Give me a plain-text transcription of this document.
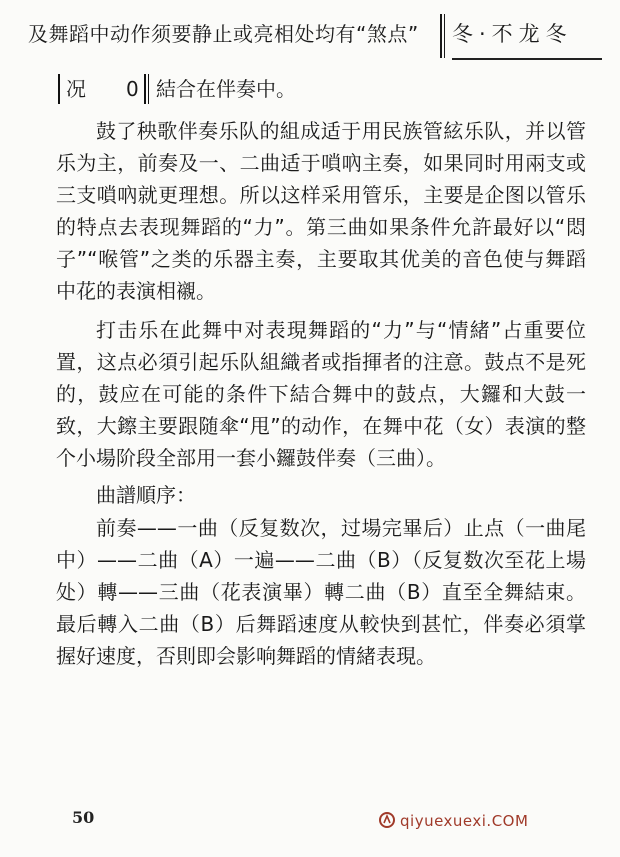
及舞蹈中动作须要静止或亮相处均有“煞点” 冬·不龙冬
况 0 結合在伴奏中。

鼓了秧歌伴奏乐队的組成适于用民族管絃乐队，并以管乐为主，前奏及一、二曲适于嗩吶主奏，如果同时用兩支或三支嗩吶就更理想。所以这样采用管乐，主要是企图以管乐的特点去表现舞蹈的“力”。第三曲如果条件允許最好以“悶子”“喉管”之类的乐器主奏，主要取其优美的音色使与舞蹈中花的表演相襯。

打击乐在此舞中对表現舞蹈的“力”与“情緒”占重要位置，这点必須引起乐队組織者或指揮者的注意。鼓点不是死的，鼓应在可能的条件下結合舞中的鼓点，大鑼和大鼓一致，大鑔主要跟随傘“甩”的动作，在舞中花（女）表演的整个小場阶段全部用一套小鑼鼓伴奏（三曲）。

曲譜順序：

前奏——一曲（反复数次，过場完畢后）止点（一曲尾中）——二曲（A）一遍——二曲（B）（反复数次至花上場处）轉——三曲（花表演畢）轉二曲（B）直至全舞結束。最后轉入二曲（B）后舞蹈速度从較快到甚忙，伴奏必須掌握好速度，否則即会影响舞蹈的情緒表現。

50	qiyuexuexi.COM
